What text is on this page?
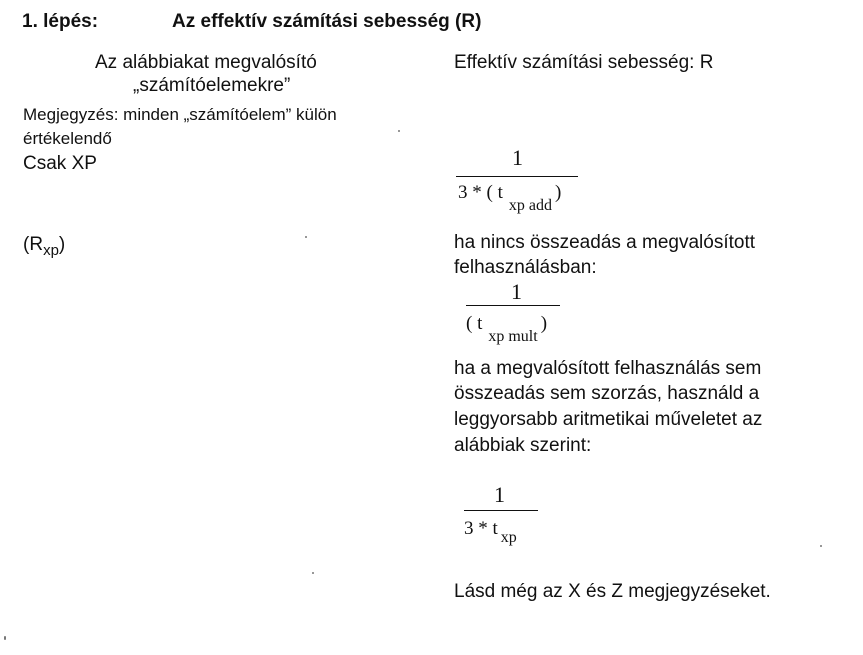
1. lépés:	Az effektív számítási sebesség (R)
Az alábbiakat megvalósító
„számítóelemekre”
Megjegyzés: minden „számítóelem” külön
értékelendő
Csak XP
$(R_{xp})$
Effektív számítási sebesség: R
1
3 * ( $t_{xp add}$)
ha nincs összeadás a megvalósított
felhasználásban:
1
( $t_{xp mult}$)
ha a megvalósított felhasználás sem
összeadás sem szorzás, használd a
leggyorsabb aritmetikai műveletet az
alábbiak szerint:
1
3 * t $_{xp}$
Lásd még az X és Z megjegyzéseket.
